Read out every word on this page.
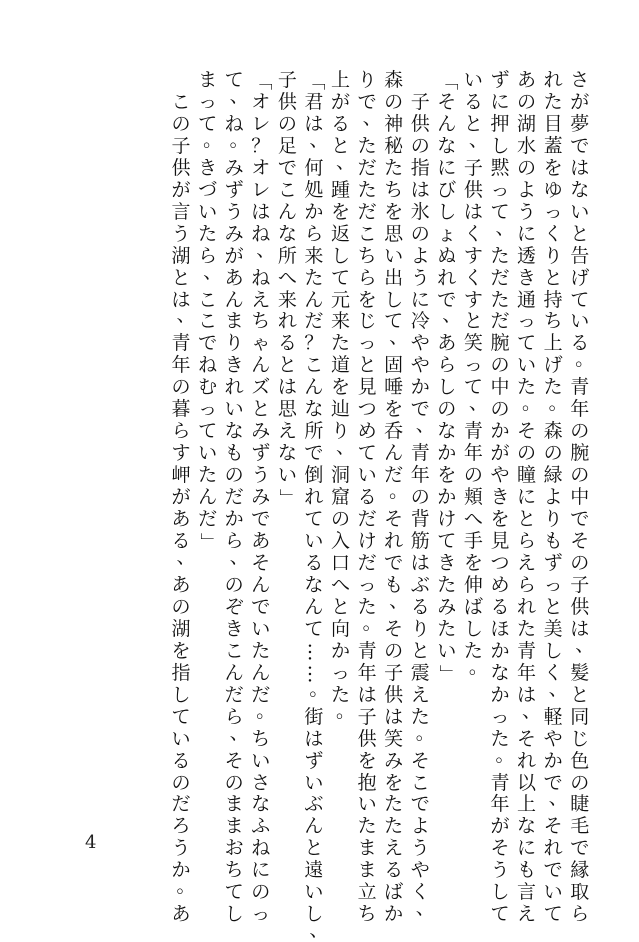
さ
が
夢
で
は
な
い
と
告
げ
て
い
る
。
青
年
の
腕
の
中
で
そ
の
子
供
は
、
髪
と
同
じ
色
の
睫
毛
で
縁
取
ら
れ
た
目
蓋
を
ゆ
っ
く
り
と
持
ち
上
げ
た
。
森
の
緑
よ
り
も
ず
っ
と
美
し
く
、
軽
や
か
で
、
そ
れ
で
い
て
あ
の
湖
水
の
よ
う
に
透
き
通
っ
て
い
た
。
そ
の
瞳
に
と
ら
え
ら
れ
た
青
年
は
、
そ
れ
以
上
な
に
も
言
え
ず
に
押
し
黙
っ
て
、
た
だ
た
だ
腕
の
中
の
か
が
や
き
を
見
つ
め
る
ほ
か
な
か
っ
た
。
青
年
が
そ
う
し
て
い
る
と
、
子
供
は
く
す
く
す
と
笑
っ
て
、
青
年
の
頬
へ
手
を
伸
ば
し
た
。
「
そ
ん
な
に
び
し
ょ
ぬ
れ
で
、
あ
ら
し
の
な
か
を
か
け
て
き
た
み
た
い
」

子
供
の
指
は
氷
の
よ
う
に
冷
や
や
か
で
、
青
年
の
背
筋
は
ぶ
る
り
と
震
え
た
。
そ
こ
で
よ
う
や
く
、
森
の
神
秘
た
ち
を
思
い
出
し
て
、
固
唾
を
呑
ん
だ
。
そ
れ
で
も
、
そ
の
子
供
は
笑
み
を
た
た
え
る
ば
か
り
で
、
た
だ
た
だ
こ
ち
ら
を
じ
っ
と
見
つ
め
て
い
る
だ
け
だ
っ
た
。
青
年
は
子
供
を
抱
い
た
ま
ま
立
ち
上
が
る
と
、
踵
を
返
し
て
元
来
た
道
を
辿
り
、
洞
窟
の
入
口
へ
と
向
か
っ
た
。
「
君
は
、
何
処
か
ら
来
た
ん
だ
？
こ
ん
な
所
で
倒
れ
て
い
る
な
ん
て
…
…
。
街
は
ず
い
ぶ
ん
と
遠
い
し
、
子
供
の
足
で
こ
ん
な
所
へ
来
れ
る
と
は
思
え
な
い
」
「
オ
レ
？
オ
レ
は
ね
、
ね
え
ち
ゃ
ん
ズ
と
み
ず
う
み
で
あ
そ
ん
で
い
た
ん
だ
。
ち
い
さ
な
ふ
ね
に
の
っ
て
、
ね
。
み
ず
う
み
が
あ
ん
ま
り
き
れ
い
な
も
の
だ
か
ら
、
の
ぞ
き
こ
ん
だ
ら
、
そ
の
ま
ま
お
ち
て
し
ま
っ
て
。
き
づ
い
た
ら
、
こ
こ
で
ね
む
っ
て
い
た
ん
だ
」

こ
の
子
供
が
言
う
湖
と
は
、
青
年
の
暮
ら
す
岬
が
あ
る
、
あ
の
湖
を
指
し
て
い
る
の
だ
ろ
う
か
。
あ
4
